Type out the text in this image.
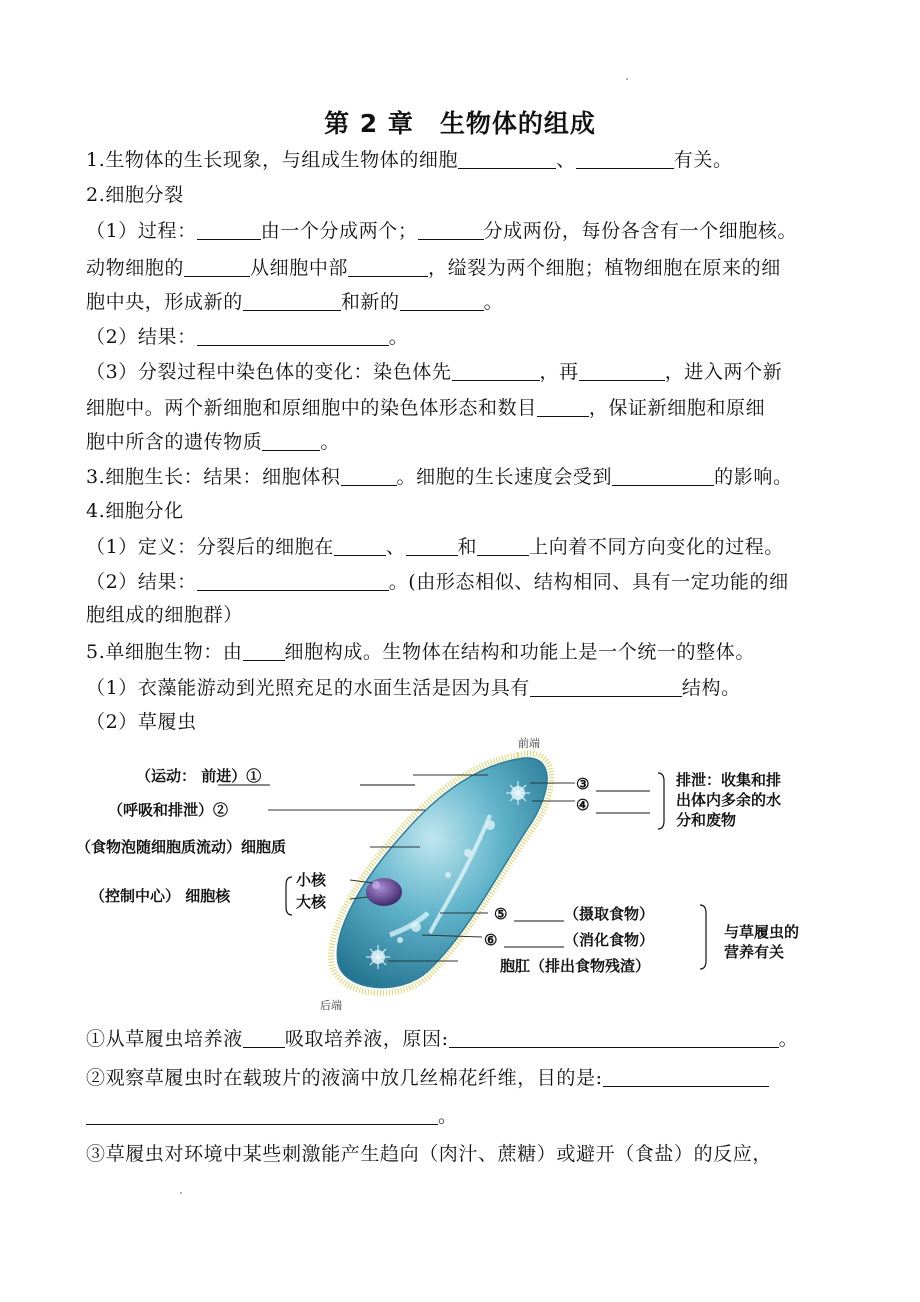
第 2 章　生物体的组成
1.生物体的生长现象，与组成生物体的细胞	、	有关。
2.细胞分裂
（1）过程：	由一个分成两个；	分成两份，每份各含有一个细胞核。
动物细胞的	从细胞中部	，缢裂为两个细胞；植物细胞在原来的细
胞中央，形成新的	和新的	。
（2）结果：	。
（3）分裂过程中染色体的变化：染色体先	，再	，进入两个新
细胞中。两个新细胞和原细胞中的染色体形态和数目	，保证新细胞和原细
胞中所含的遗传物质	。
3.细胞生长：结果：细胞体积	。细胞的生长速度会受到	的影响。
4.细胞分化
（1）定义：分裂后的细胞在	、	和	上向着不同方向变化的过程。
（2）结果：	。(由形态相似、结构相同、具有一定功能的细
胞组成的细胞群）
5.单细胞生物：由 细胞构成。生物体在结构和功能上是一个统一的整体。
（1）衣藻能游动到光照充足的水面生活是因为具有	结构。
（2）草履虫
前端
后端
（运动： 前进）①
（呼吸和排泄）②
（食物泡随细胞质流动）细胞质
（控制中心） 细胞核
小核
大核
③
④
排泄：收集和排
出体内多余的水
分和废物
⑤	（摄取食物）
⑥	（消化食物）
胞肛（排出食物残渣）
与草履虫的
营养有关
①从草履虫培养液 吸取培养液，原因:	。
②观察草履虫时在载玻片的液滴中放几丝棉花纤维，目的是:
。
③草履虫对环境中某些刺激能产生趋向（肉汁、蔗糖）或避开（食盐）的反应，
